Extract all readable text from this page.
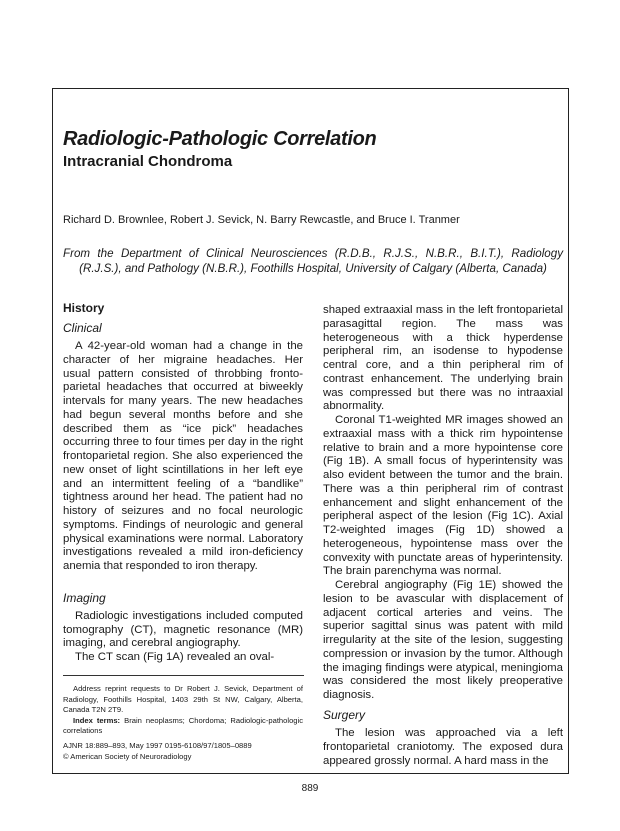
Radiologic-Pathologic Correlation
Intracranial Chondroma
Richard D. Brownlee, Robert J. Sevick, N. Barry Rewcastle, and Bruce I. Tranmer
From the Department of Clinical Neurosciences (R.D.B., R.J.S., N.B.R., B.I.T.), Radiology (R.J.S.), and Pathology (N.B.R.), Foothills Hospital, University of Calgary (Alberta, Canada)
History
Clinical

A 42-year-old woman had a change in the character of her migraine headaches. Her usual pattern consisted of throbbing fronto-parietal headaches that occurred at biweekly intervals for many years. The new headaches had begun several months before and she described them as “ice pick” headaches occurring three to four times per day in the right frontoparietal region. She also experienced the new onset of light scintillations in her left eye and an intermittent feeling of a “bandlike” tightness around her head. The patient had no history of seizures and no focal neurologic symptoms. Findings of neurologic and general physical examinations were normal. Laboratory investigations revealed a mild iron-deficiency anemia that responded to iron therapy.

Imaging

Radiologic investigations included computed tomography (CT), magnetic resonance (MR) imaging, and cerebral angiography.

The CT scan (Fig 1A) revealed an oval-

Address reprint requests to Dr Robert J. Sevick, Department of Radiology, Foothills Hospital, 1403 29th St NW, Calgary, Alberta, Canada T2N 2T9.

Index terms: Brain neoplasms; Chordoma; Radiologic-pathologic correlations

AJNR 18:889–893, May 1997 0195-6108/97/1805–0889

© American Society of Neuroradiology

shaped extraaxial mass in the left frontoparietal parasagittal region. The mass was heterogeneous with a thick hyperdense peripheral rim, an isodense to hypodense central core, and a thin peripheral rim of contrast enhancement. The underlying brain was compressed but there was no intraaxial abnormality.

Coronal T1-weighted MR images showed an extraaxial mass with a thick rim hypointense relative to brain and a more hypointense core (Fig 1B). A small focus of hyperintensity was also evident between the tumor and the brain. There was a thin peripheral rim of contrast enhancement and slight enhancement of the peripheral aspect of the lesion (Fig 1C). Axial T2-weighted images (Fig 1D) showed a heterogeneous, hypointense mass over the convexity with punctate areas of hyperintensity. The brain parenchyma was normal.

Cerebral angiography (Fig 1E) showed the lesion to be avascular with displacement of adjacent cortical arteries and veins. The superior sagittal sinus was patent with mild irregularity at the site of the lesion, suggesting compression or invasion by the tumor. Although the imaging findings were atypical, meningioma was considered the most likely preoperative diagnosis.

Surgery

The lesion was approached via a left frontoparietal craniotomy. The exposed dura appeared grossly normal. A hard mass in the

889
